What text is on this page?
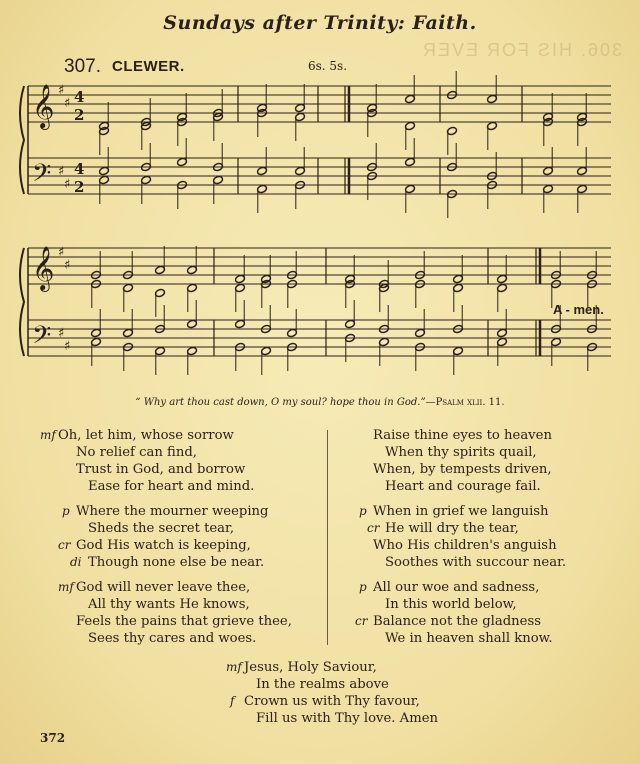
306. HIS FOR EVER
Sundays after Trinity: Faith.
307. CLEWER.	6s. 5s.
𝄞
𝄢
♯
♯
♯
♯
4
2
4
2
𝄞
𝄢
♯
♯
♯
♯
A - men.
“ Why art thou cast down, O my soul? hope thou in God.”—Psalm xlii. 11.
mf Oh, let him, whose sorrow
No relief can find,
Trust in God, and borrow
Ease for heart and mind.
p Where the mourner weeping
Sheds the secret tear,
cr God His watch is keeping,
di Though none else be near.
mf God will never leave thee,
All thy wants He knows,
Feels the pains that grieve thee,
Sees thy cares and woes.
Raise thine eyes to heaven
When thy spirits quail,
When, by tempests driven,
Heart and courage fail.
p When in grief we languish
cr He will dry the tear,
Who His children's anguish
Soothes with succour near.
p All our woe and sadness,
In this world below,
cr Balance not the gladness
We in heaven shall know.
mf Jesus, Holy Saviour,
In the realms above
f Crown us with Thy favour,
Fill us with Thy love. Amen
372
